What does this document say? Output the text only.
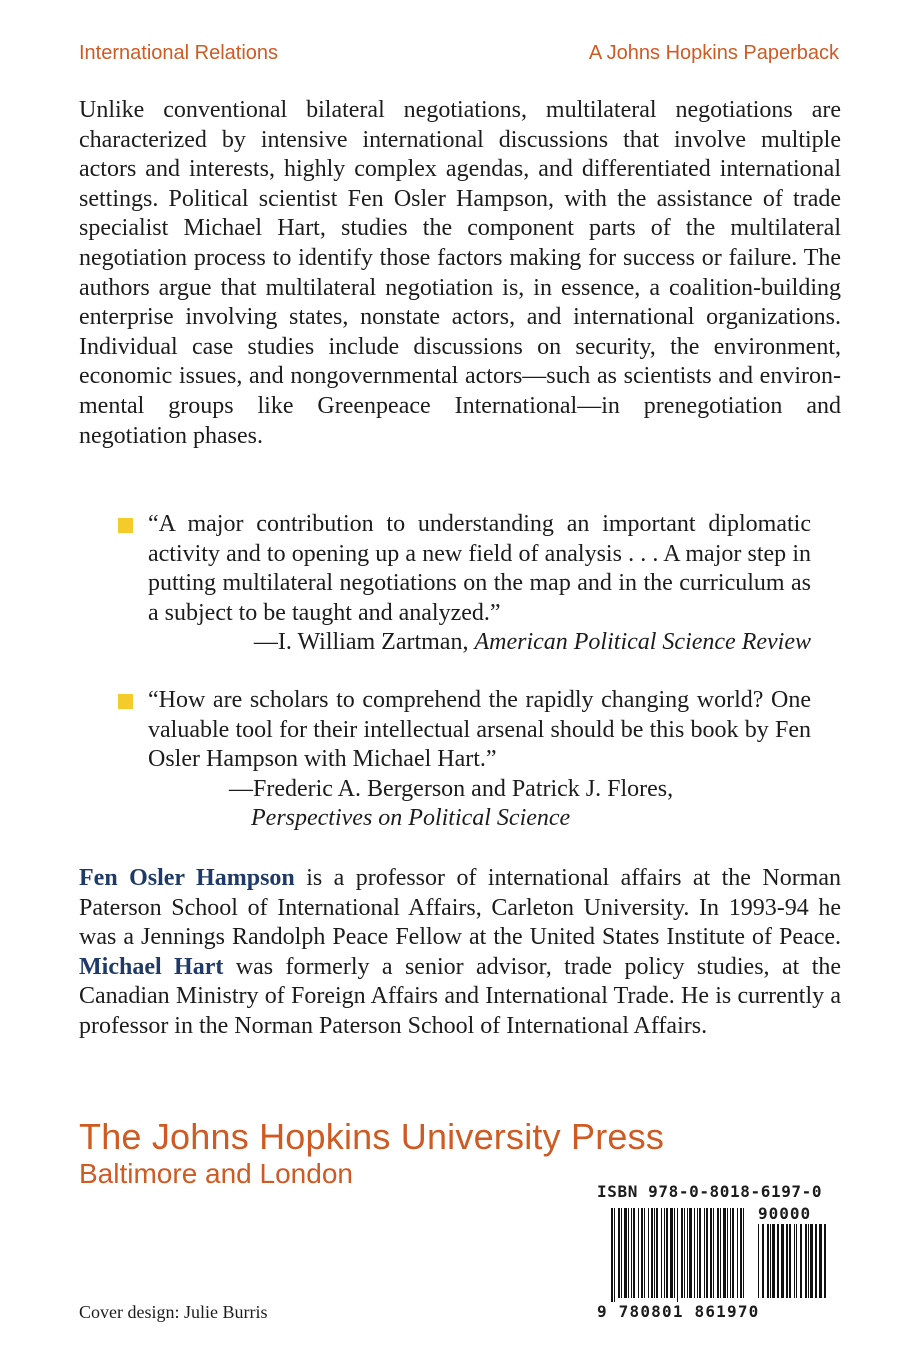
International Relations	A Johns Hopkins Paperback

Unlike conventional bilateral negotiations, multilateral negotiations are characterized by intensive international discussions that involve multiple actors and interests, highly complex agendas, and differentiated international settings. Political scientist Fen Osler Hampson, with the assistance of trade specialist Michael Hart, studies the component parts of the multilateral negotiation process to identify those factors making for success or failure. The authors argue that multilateral negotiation is, in essence, a coalition-building enterprise involving states, nonstate actors, and international organizations. Individual case studies include discussions on security, the environment, economic issues, and nongovernmental actors—such as scientists and environmental groups like Greenpeace International—in prenegotiation and negotiation phases.

“A major contribution to understanding an important diplomatic activity and to opening up a new field of analysis . . . A major step in putting multilateral negotiations on the map and in the curriculum as a subject to be taught and analyzed.”
—I. William Zartman, American Political Science Review
“How are scholars to comprehend the rapidly changing world? One valuable tool for their intellectual arsenal should be this book by Fen Osler Hampson with Michael Hart.”
—Frederic A. Bergerson and Patrick J. Flores,
Perspectives on Political Science

Fen Osler Hampson is a professor of international affairs at the Norman Paterson School of International Affairs, Carleton University. In 1993-94 he was a Jennings Randolph Peace Fellow at the United States Institute of Peace. Michael Hart was formerly a senior advisor, trade policy studies, at the Canadian Ministry of Foreign Affairs and International Trade. He is currently a professor in the Norman Paterson School of International Affairs.

The Johns Hopkins University Press
Baltimore and London
Cover design: Julie Burris
ISBN 978-0-8018-6197-0
90000
9 780801 861970
